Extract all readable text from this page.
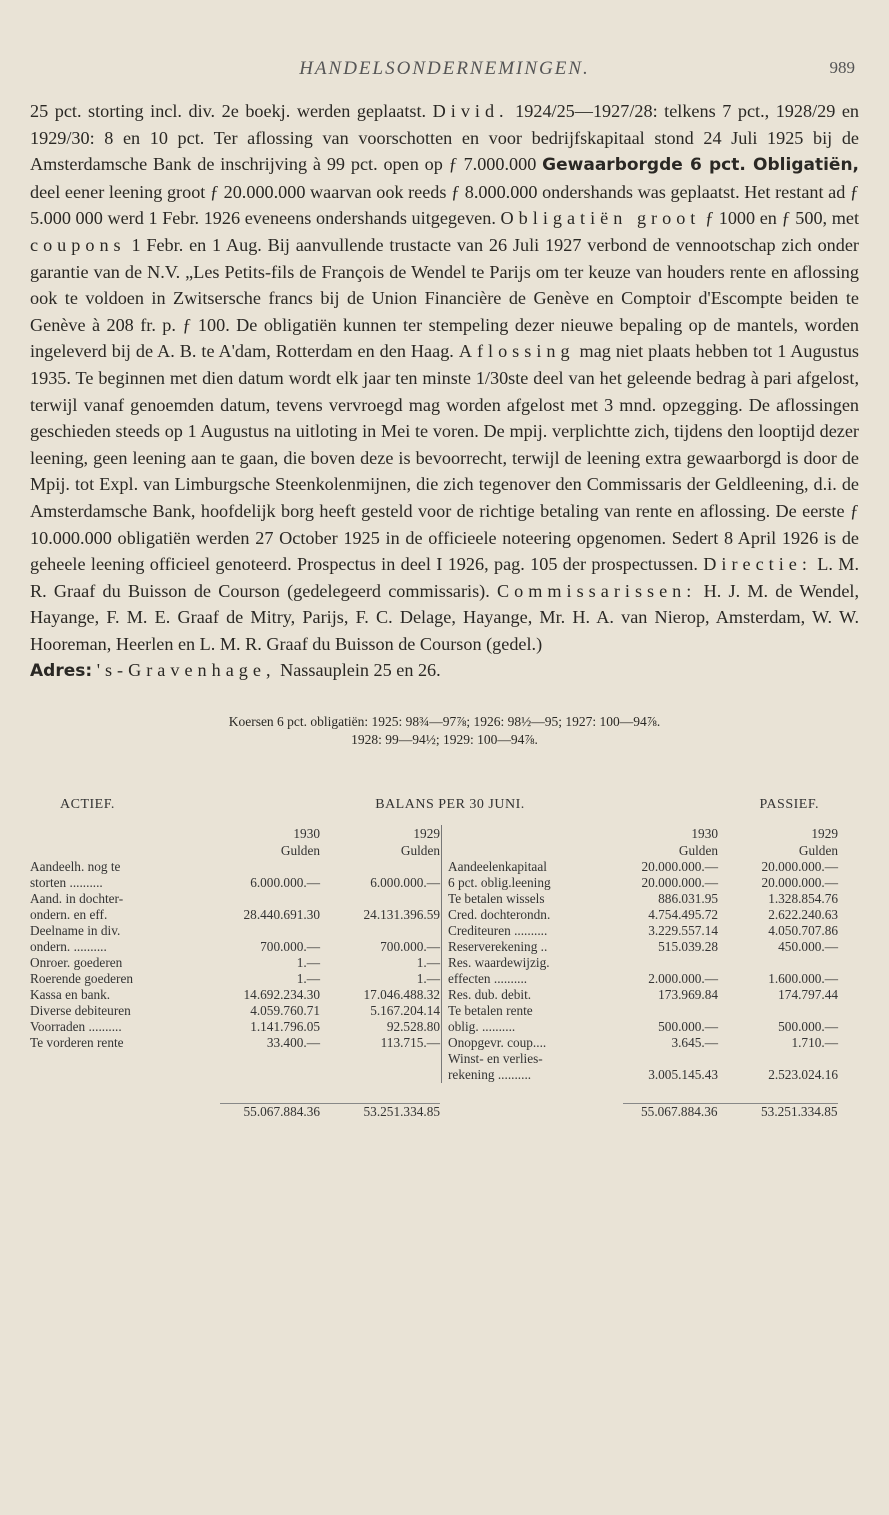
HANDELSONDERNEMINGEN.	989

25 pct. storting incl. div. 2e boekj. werden geplaatst. Divid. 1924/25—1927/28: telkens 7 pct., 1928/29 en 1929/30: 8 en 10 pct. Ter aflossing van voorschotten en voor bedrijfskapitaal stond 24 Juli 1925 bij de Amsterdamsche Bank de inschrijving à 99 pct. open op ƒ 7.000.000 Gewaarborgde 6 pct. Obligatiën, deel eener leening groot ƒ 20.000.000 waarvan ook reeds ƒ 8.000.000 ondershands was geplaatst. Het restant ad ƒ 5.000 000 werd 1 Febr. 1926 eveneens ondershands uitgegeven. Obligatiën groot ƒ 1000 en ƒ 500, met coupons 1 Febr. en 1 Aug. Bij aanvullende trustacte van 26 Juli 1927 verbond de vennootschap zich onder garantie van de N.V. „Les Petits-fils de François de Wendel te Parijs om ter keuze van houders rente en aflossing ook te voldoen in Zwitsersche francs bij de Union Financière de Genève en Comptoir d'Escompte beiden te Genève à 208 fr. p. ƒ 100. De obligatiën kunnen ter stempeling dezer nieuwe bepaling op de mantels, worden ingeleverd bij de A. B. te A'dam, Rotterdam en den Haag. Aflossing mag niet plaats hebben tot 1 Augustus 1935. Te beginnen met dien datum wordt elk jaar ten minste 1/30ste deel van het geleende bedrag à pari afgelost, terwijl vanaf genoemden datum, tevens vervroegd mag worden afgelost met 3 mnd. opzegging. De aflossingen geschieden steeds op 1 Augustus na uitloting in Mei te voren. De mpij. verplichtte zich, tijdens den looptijd dezer leening, geen leening aan te gaan, die boven deze is bevoorrecht, terwijl de leening extra gewaarborgd is door de Mpij. tot Expl. van Limburgsche Steenkolenmijnen, die zich tegenover den Commissaris der Geldleening, d.i. de Amsterdamsche Bank, hoofdelijk borg heeft gesteld voor de richtige betaling van rente en aflossing. De eerste ƒ 10.000.000 obligatiën werden 27 October 1925 in de officieele noteering opgenomen. Sedert 8 April 1926 is de geheele leening officieel genoteerd. Prospectus in deel I 1926, pag. 105 der prospectussen. Directie: L. M. R. Graaf du Buisson de Courson (gedelegeerd commissaris). Commissarissen: H. J. M. de Wendel, Hayange, F. M. E. Graaf de Mitry, Parijs, F. C. Delage, Hayange, Mr. H. A. van Nierop, Amsterdam, W. W. Hooreman, Heerlen en L. M. R. Graaf du Buisson de Courson (gedel.)

Adres: 's-Gravenhage, Nassauplein 25 en 26.

Koersen 6 pct. obligatiën: 1925: 98¾—97⅞; 1926: 98½—95; 1927: 100—94⅞.
1928: 99—94½; 1929: 100—94⅞.
ACTIEF.	BALANS PER 30 JUNI.	PASSIEF.
1930	1929
Gulden	Gulden
Aandeelh. nog te
storten ..........	6.000.000.—	6.000.000.—
Aand. in dochter-
ondern. en eff.	28.440.691.30	24.131.396.59
Deelname in div.
ondern. ..........	700.000.—	700.000.—
Onroer. goederen	1.—	1.—
Roerende goederen	1.—	1.—
Kassa en bank.	14.692.234.30	17.046.488.32
Diverse debiteuren	4.059.760.71	5.167.204.14
Voorraden ..........	1.141.796.05	92.528.80
Te vorderen rente	33.400.—	113.715.—
1930	1929
Gulden	Gulden
Aandeelenkapitaal	20.000.000.—	20.000.000.—
6 pct. oblig.leening	20.000.000.—	20.000.000.—
Te betalen wissels	886.031.95	1.328.854.76
Cred. dochterondn.	4.754.495.72	2.622.240.63
Crediteuren ..........	3.229.557.14	4.050.707.86
Reserverekening ..	515.039.28	450.000.—
Res. waardewijzig.
effecten ..........	2.000.000.—	1.600.000.—
Res. dub. debit.	173.969.84	174.797.44
Te betalen rente
oblig. ..........	500.000.—	500.000.—
Onopgevr. coup....	3.645.—	1.710.—
Winst- en verlies-
rekening ..........	3.005.145.43	2.523.024.16
55.067.884.36	53.251.334.85	55.067.884.36	53.251.334.85
